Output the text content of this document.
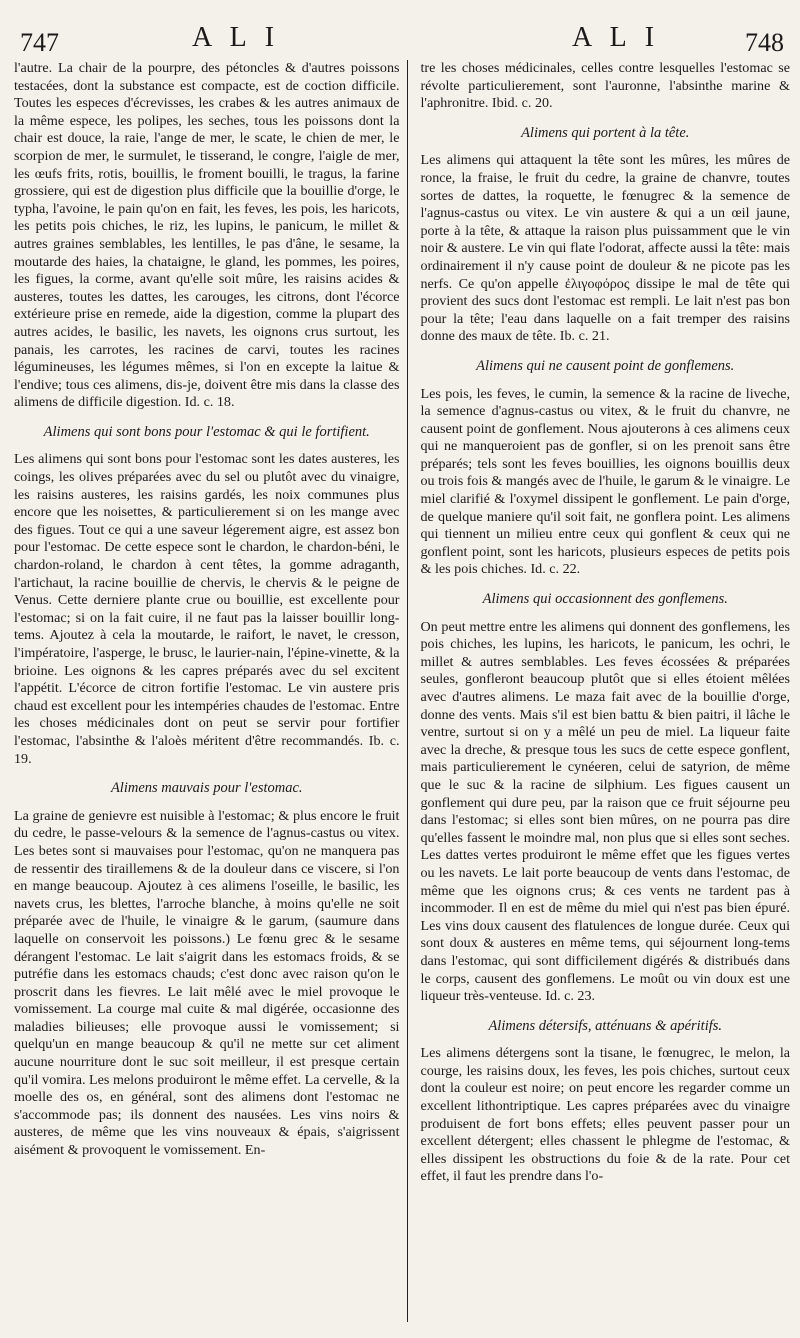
747	A L I	A L I	748

l'autre. La chair de la pourpre, des pétoncles & d'autres poissons testacées, dont la substance est compacte, est de coction difficile. Toutes les especes d'écrevisses, les crabes & les autres animaux de la même espece, les polipes, les seches, tous les poissons dont la chair est douce, la raie, l'ange de mer, le scate, le chien de mer, le scorpion de mer, le surmulet, le tisserand, le congre, l'aigle de mer, les œufs frits, rotis, bouillis, le froment bouilli, le tragus, la farine grossiere, qui est de digestion plus difficile que la bouillie d'orge, le typha, l'avoine, le pain qu'on en fait, les feves, les pois, les haricots, les petits pois chiches, le riz, les lupins, le panicum, le millet & autres graines semblables, les lentilles, le pas d'âne, le sesame, la moutarde des haies, la chataigne, le gland, les pommes, les poires, les figues, la corme, avant qu'elle soit mûre, les raisins acides & austeres, toutes les dattes, les carouges, les citrons, dont l'écorce extérieure prise en remede, aide la digestion, comme la plupart des autres acides, le basilic, les navets, les oignons crus surtout, les panais, les carrotes, les racines de carvi, toutes les racines légumineuses, les légumes mêmes, si l'on en excepte la laitue & l'endive; tous ces alimens, dis-je, doivent être mis dans la classe des alimens de difficile digestion. Id. c. 18.

Alimens qui sont bons pour l'estomac & qui le fortifient.

Les alimens qui sont bons pour l'estomac sont les dates austeres, les coings, les olives préparées avec du sel ou plutôt avec du vinaigre, les raisins austeres, les raisins gardés, les noix communes plus encore que les noisettes, & particulierement si on les mange avec des figues. Tout ce qui a une saveur légerement aigre, est assez bon pour l'estomac. De cette espece sont le chardon, le chardon-béni, le chardon-roland, le chardon à cent têtes, la gomme adraganth, l'artichaut, la racine bouillie de chervis, le chervis & le peigne de Venus. Cette derniere plante crue ou bouillie, est excellente pour l'estomac; si on la fait cuire, il ne faut pas la laisser bouillir long-tems. Ajoutez à cela la moutarde, le raifort, le navet, le cresson, l'impératoire, l'asperge, le brusc, le laurier-nain, l'épine-vinette, & la brioine. Les oignons & les capres préparés avec du sel excitent l'appétit. L'écorce de citron fortifie l'estomac. Le vin austere pris chaud est excellent pour les intempéries chaudes de l'estomac. Entre les choses médicinales dont on peut se servir pour fortifier l'estomac, l'absinthe & l'aloès méritent d'être recommandés. Ib. c. 19.

Alimens mauvais pour l'estomac.

La graine de genievre est nuisible à l'estomac; & plus encore le fruit du cedre, le passe-velours & la semence de l'agnus-castus ou vitex. Les betes sont si mauvaises pour l'estomac, qu'on ne manquera pas de ressentir des tiraillemens & de la douleur dans ce viscere, si l'on en mange beaucoup. Ajoutez à ces alimens l'oseille, le basilic, les navets crus, les blettes, l'arroche blanche, à moins qu'elle ne soit préparée avec de l'huile, le vinaigre & le garum, (saumure dans laquelle on conservoit les poissons.) Le fœnu grec & le sesame dérangent l'estomac. Le lait s'aigrit dans les estomacs froids, & se putréfie dans les estomacs chauds; c'est donc avec raison qu'on le proscrit dans les fievres. Le lait mêlé avec le miel provoque le vomissement. La courge mal cuite & mal digérée, occasionne des maladies bilieuses; elle provoque aussi le vomissement; si quelqu'un en mange beaucoup & qu'il ne mette sur cet aliment aucune nourriture dont le suc soit meilleur, il est presque certain qu'il vomira. Les melons produiront le même effet. La cervelle, & la moelle des os, en général, sont des alimens dont l'estomac ne s'accommode pas; ils donnent des nausées. Les vins noirs & austeres, de même que les vins nouveaux & épais, s'aigrissent aisément & provoquent le vomissement. En-

tre les choses médicinales, celles contre lesquelles l'estomac se révolte particulierement, sont l'auronne, l'absinthe marine & l'aphronitre. Ibid. c. 20.

Alimens qui portent à la tête.

Les alimens qui attaquent la tête sont les mûres, les mûres de ronce, la fraise, le fruit du cedre, la graine de chanvre, toutes sortes de dattes, la roquette, le fœnugrec & la semence de l'agnus-castus ou vitex. Le vin austere & qui a un œil jaune, porte à la tête, & attaque la raison plus puissamment que le vin noir & austere. Le vin qui flate l'odorat, affecte aussi la tête: mais ordinairement il n'y cause point de douleur & ne picote pas les nerfs. Ce qu'on appelle ἐλιγοφόρος dissipe le mal de tête qui provient des sucs dont l'estomac est rempli. Le lait n'est pas bon pour la tête; l'eau dans laquelle on a fait tremper des raisins donne des maux de tête. Ib. c. 21.

Alimens qui ne causent point de gonflemens.

Les pois, les feves, le cumin, la semence & la racine de liveche, la semence d'agnus-castus ou vitex, & le fruit du chanvre, ne causent point de gonflement. Nous ajouterons à ces alimens ceux qui ne manqueroient pas de gonfler, si on les prenoit sans être préparés; tels sont les feves bouillies, les oignons bouillis deux ou trois fois & mangés avec de l'huile, le garum & le vinaigre. Le miel clarifié & l'oxymel dissipent le gonflement. Le pain d'orge, de quelque maniere qu'il soit fait, ne gonflera point. Les alimens qui tiennent un milieu entre ceux qui gonflent & ceux qui ne gonflent point, sont les haricots, plusieurs especes de petits pois & les pois chiches. Id. c. 22.

Alimens qui occasionnent des gonflemens.

On peut mettre entre les alimens qui donnent des gonflemens, les pois chiches, les lupins, les haricots, le panicum, les ochri, le millet & autres semblables. Les feves écossées & préparées seules, gonfleront beaucoup plutôt que si elles étoient mêlées avec d'autres alimens. Le maza fait avec de la bouillie d'orge, donne des vents. Mais s'il est bien battu & bien paitri, il lâche le ventre, surtout si on y a mêlé un peu de miel. La liqueur faite avec la dreche, & presque tous les sucs de cette espece gonflent, mais particulierement le cynéeren, celui de satyrion, de même que le suc & la racine de silphium. Les figues causent un gonflement qui dure peu, par la raison que ce fruit séjourne peu dans l'estomac; si elles sont bien mûres, on ne pourra pas dire qu'elles fassent le moindre mal, non plus que si elles sont seches. Les dattes vertes produiront le même effet que les figues vertes ou les navets. Le lait porte beaucoup de vents dans l'estomac, de même que les oignons crus; & ces vents ne tardent pas à incommoder. Il en est de même du miel qui n'est pas bien épuré. Les vins doux causent des flatulences de longue durée. Ceux qui sont doux & austeres en même tems, qui séjournent long-tems dans l'estomac, qui sont difficilement digérés & distribués dans le corps, causent des gonflemens. Le moût ou vin doux est une liqueur très-venteuse. Id. c. 23.

Alimens détersifs, atténuans & apéritifs.

Les alimens détergens sont la tisane, le fœnugrec, le melon, la courge, les raisins doux, les feves, les pois chiches, surtout ceux dont la couleur est noire; on peut encore les regarder comme un excellent lithontriptique. Les capres préparées avec du vinaigre produisent de fort bons effets; elles peuvent passer pour un excellent détergent; elles chassent le phlegme de l'estomac, & elles dissipent les obstructions du foie & de la rate. Pour cet effet, il faut les prendre dans l'o-
